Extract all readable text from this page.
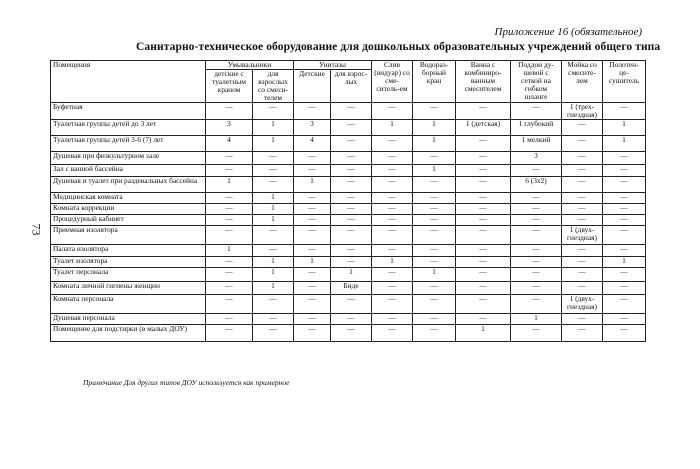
73
Приложение 16 (обязательное)
Санитарно-техническое оборудование для дошкольных образовательных учреждений общего типа
Помещения	Умывальники		Унитазы		Слив (видуар) со сме-ситель-ем	Водораз-борный кран	Ванна с комбиниро-ванным смесителем	Поддон ду-шевой с сеткой на гибком шланге	Мойка со смесите-лем	Полотен-це-сушитель
	детские с туалетным краном	для взрослых со смеси-телем	Детские	для взрос-лых						
Буфетная	—	—	—	—	—	—	—	—	1 (трех-гнездная)	—
Туалетная группы детей до 3 лет	3	1	3	—	1	1	1 (детская)	1 глубокий	—	1
Туалетная группы детей 3-6 (7) лет	4	1	4	—	—	1	—	1 мелкий	—	1
Душевая при физкультурном зале	—	—	—	—	—	—	—	3	—	—
Зал с ванной бассейна	—	—	—	—	—	1	—	—	—	—
Душевая и туалет при раздевальных бассейна	1	—	1	—	—	—	—	6 (3х2)	—	—
Медицинская комната	—	1	—	—	—	—	—	—	—	—
Комната коррекции	—	1	—	—	—	—	—	—	—	—
Процедурный кабинет	—	1	—	—	—	—	—	—	—	—
Приемная изолятора	—	—	—	—	—	—	—	—	1 (двух-гнездная)	—
Палата изолятора	1	—	—	—	—	—	—	—	—	—
Туалет изолятора	—	1	1	—	1	—	—	—	—	1
Туалет персонала	—	1	—	1	—	1	—	—	—	—
Комната личной гигиены женщин	—	1	—	Биде	—	—	—	—	—	—
Комната персонала	—	—	—	—	—	—	—	—	1 (двух-гнездная)	—
Душевая персонала	—	—	—	—	—	—	—	1	—	—
Помещение для подстирки (в малых ДОУ)	—	—	—	—	—	—	1	—	—	—
Примечание Для других типов ДОУ используется как примерное
